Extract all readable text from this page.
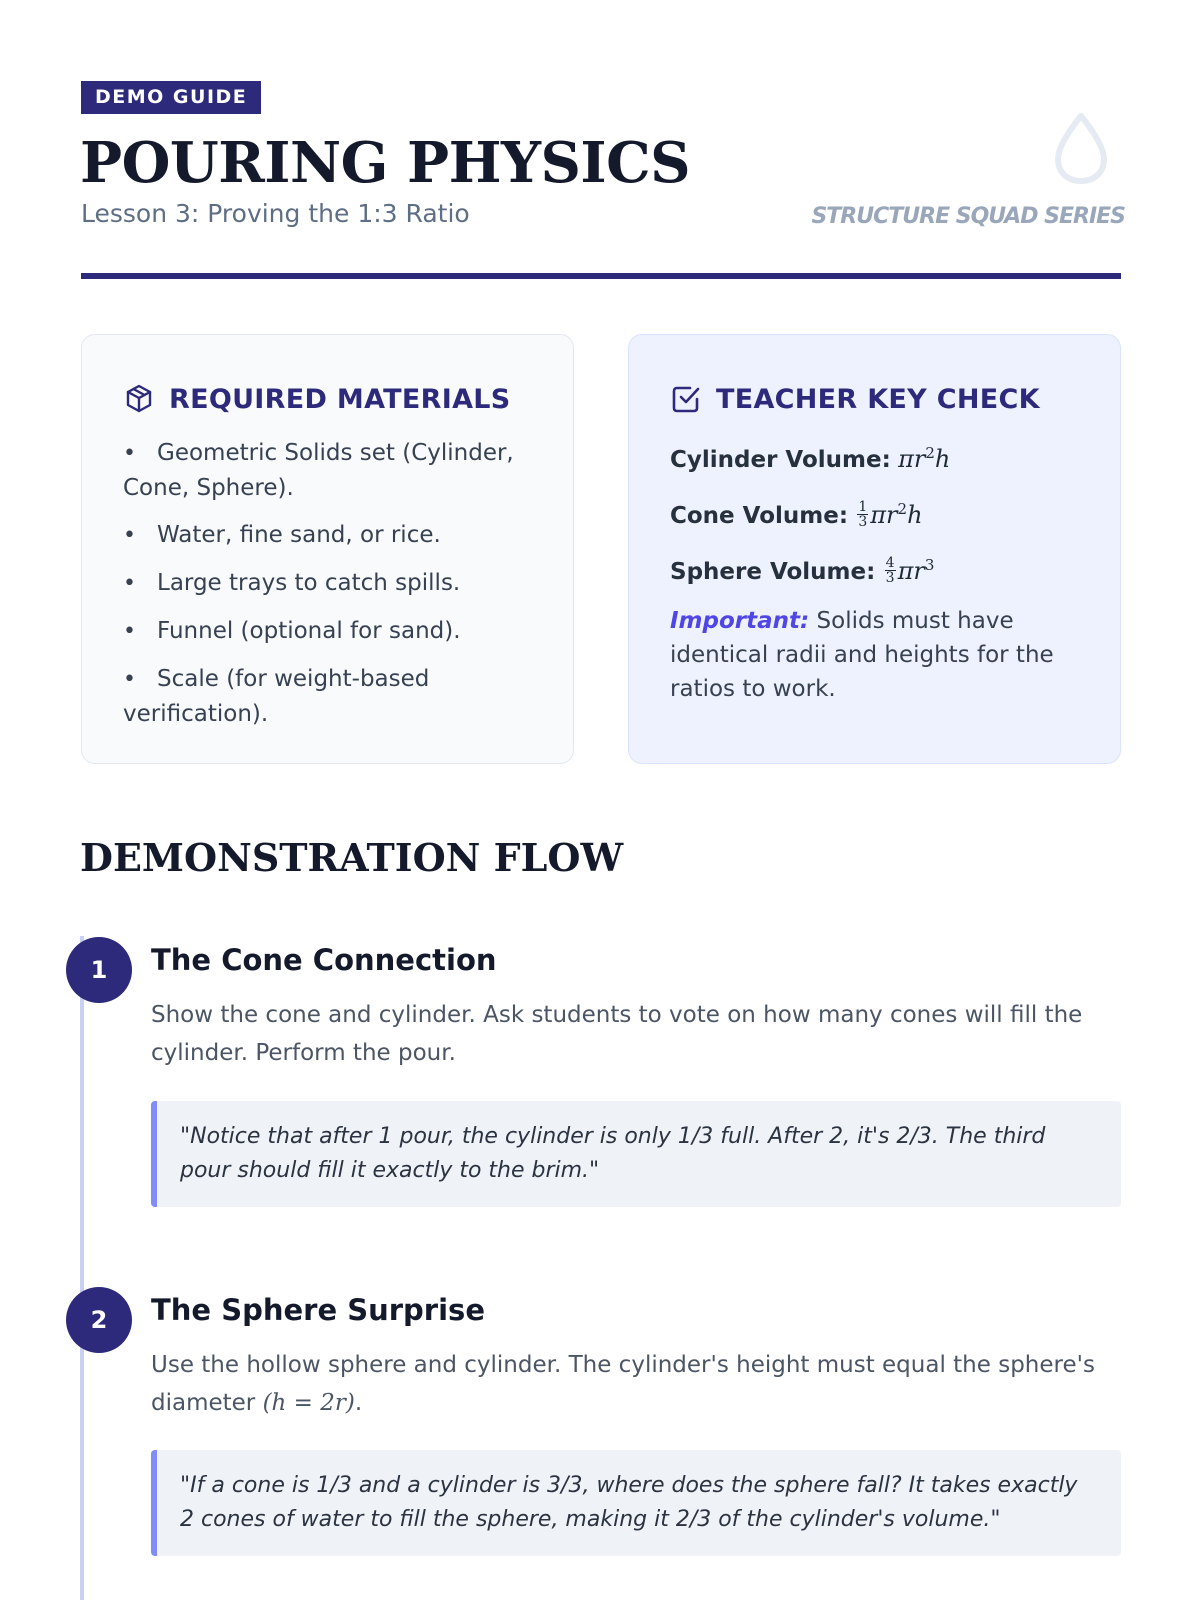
DEMO GUIDE
POURING PHYSICS
Lesson 3: Proving the 1:3 Ratio	STRUCTURE SQUAD SERIES
REQUIRED MATERIALS
•Geometric Solids set (Cylinder, Cone, Sphere).
•Water, fine sand, or rice.
•Large trays to catch spills.
•Funnel (optional for sand).
•Scale (for weight-based verification).
TEACHER KEY CHECK
Cylinder Volume: $\pi r^2h$
Cone Volume: $\frac{1}{3} \pi r^2h$
Sphere Volume: $\frac{4}{3} \pi r^3$

Important: Solids must have identical radii and heights for the ratios to work.

DEMONSTRATION FLOW
1	The Cone Connection

Show the cone and cylinder. Ask students to vote on how many cones will fill the cylinder. Perform the pour.

"Notice that after 1 pour, the cylinder is only 1/3 full. After 2, it's 2/3. The third pour should fill it exactly to the brim."
2	The Sphere Surprise

Use the hollow sphere and cylinder. The cylinder's height must equal the sphere's diameter (h = 2r).

"If a cone is 1/3 and a cylinder is 3/3, where does the sphere fall? It takes exactly 2 cones of water to fill the sphere, making it 2/3 of the cylinder's volume."
